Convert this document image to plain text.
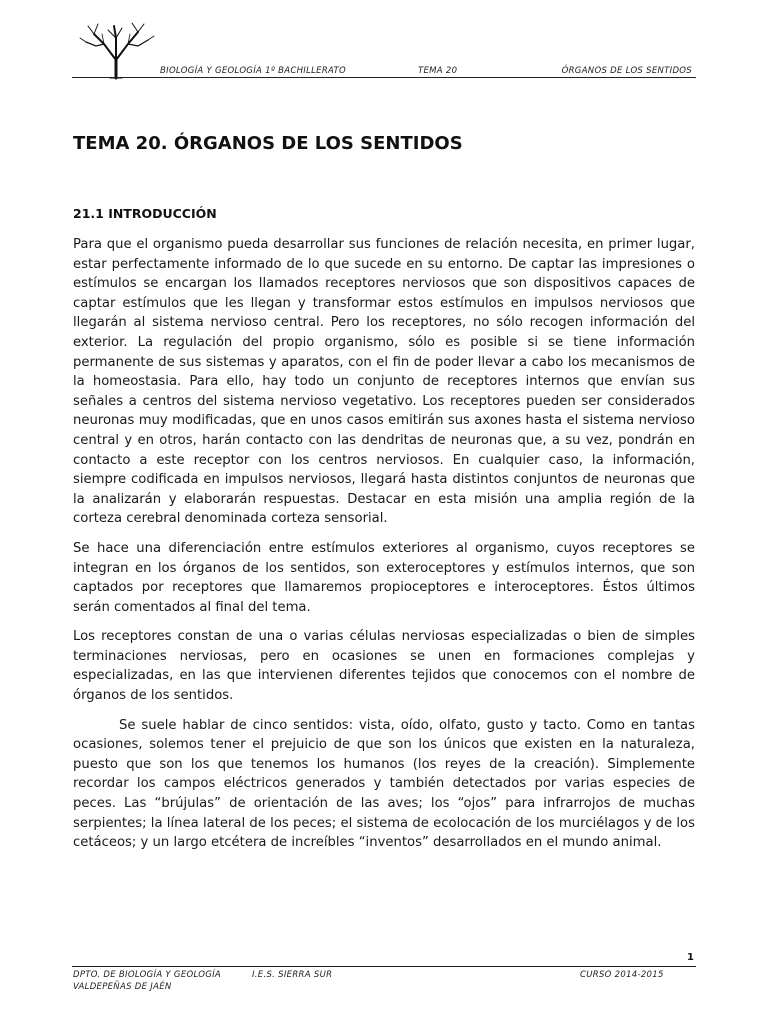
BIOLOGÍA Y GEOLOGÍA 1º BACHILLERATO	TEMA 20	ÓRGANOS DE LOS SENTIDOS
TEMA 20. ÓRGANOS DE LOS SENTIDOS
21.1 INTRODUCCIÓN

Para que el organismo pueda desarrollar sus funciones de relación necesita, en primer lugar, estar perfectamente informado de lo que sucede en su entorno. De captar las impresiones o estímulos se encargan los llamados receptores nerviosos que son dispositivos capaces de captar estímulos que les llegan y transformar estos estímulos en impulsos nerviosos que llegarán al sistema nervioso central. Pero los receptores, no sólo recogen información del exterior. La regulación del propio organismo, sólo es posible si se tiene información permanente de sus sistemas y aparatos, con el fin de poder llevar a cabo los mecanismos de la homeostasia. Para ello, hay todo un conjunto de receptores internos que envían sus señales a centros del sistema nervioso vegetativo. Los receptores pueden ser considerados neuronas muy modificadas, que en unos casos emitirán sus axones hasta el sistema nervioso central y en otros, harán contacto con las dendritas de neuronas que, a su vez, pondrán en contacto a este receptor con los centros nerviosos. En cualquier caso, la información, siempre codificada en impulsos nerviosos, llegará hasta distintos conjuntos de neuronas que la analizarán y elaborarán respuestas. Destacar en esta misión una amplia región de la corteza cerebral denominada corteza sensorial.

Se hace una diferenciación entre estímulos exteriores al organismo, cuyos receptores se integran en los órganos de los sentidos, son exteroceptores y estímulos internos, que son captados por receptores que llamaremos propioceptores e interoceptores. Éstos últimos serán comentados al final del tema.

Los receptores constan de una o varias células nerviosas especializadas o bien de simples terminaciones nerviosas, pero en ocasiones se unen en formaciones complejas y especializadas, en las que intervienen diferentes tejidos que conocemos con el nombre de órganos de los sentidos.

Se suele hablar de cinco sentidos: vista, oído, olfato, gusto y tacto. Como en tantas ocasiones, solemos tener el prejuicio de que son los únicos que existen en la naturaleza, puesto que son los que tenemos los humanos (los reyes de la creación). Simplemente recordar los campos eléctricos generados y también detectados por varias especies de peces. Las “brújulas” de orientación de las aves; los “ojos” para infrarrojos de muchas serpientes; la línea lateral de los peces; el sistema de ecolocación de los murciélagos y de los cetáceos; y un largo etcétera de increíbles “inventos” desarrollados en el mundo animal.

1
DPTO. DE BIOLOGÍA Y GEOLOGÍA	I.E.S. SIERRA SUR	CURSO 2014-2015
VALDEPEÑAS DE JAÉN
